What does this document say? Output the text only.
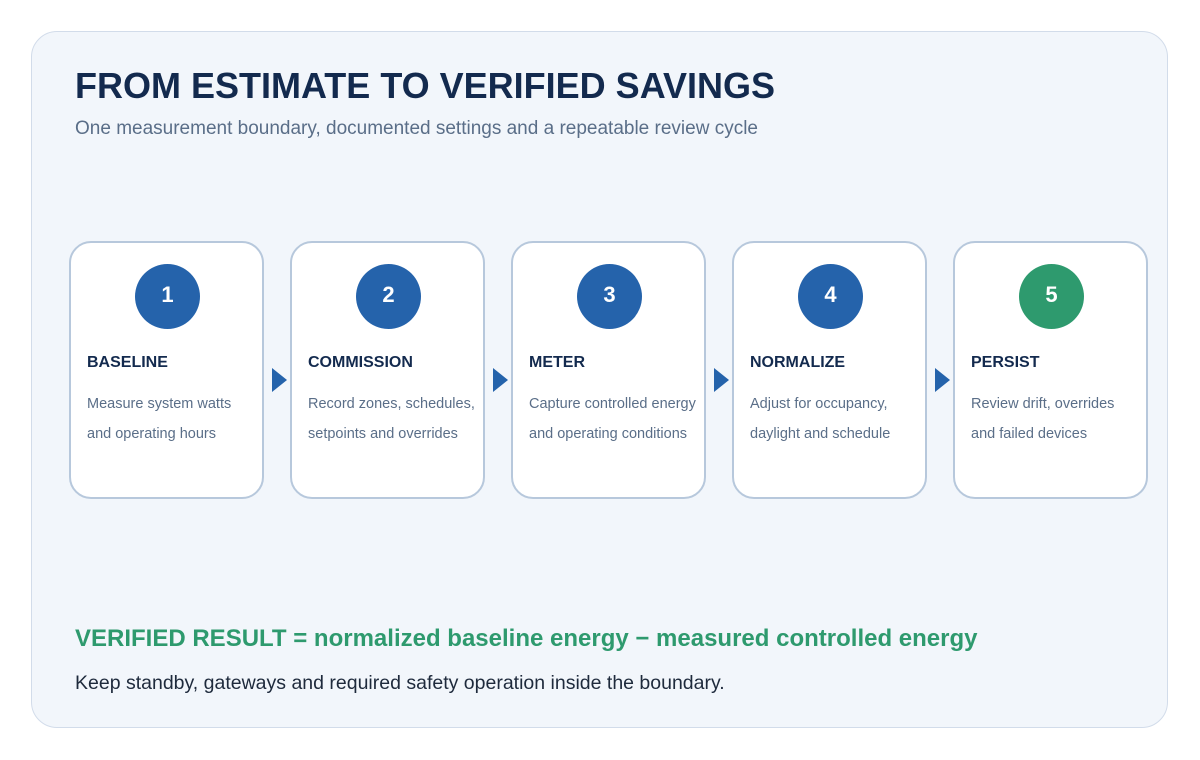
FROM ESTIMATE TO VERIFIED SAVINGS
One measurement boundary, documented settings and a repeatable review cycle
1
BASELINE
Measure system watts
and operating hours
2
COMMISSION
Record zones, schedules,
setpoints and overrides
3
METER
Capture controlled energy
and operating conditions
4
NORMALIZE
Adjust for occupancy,
daylight and schedule
5
PERSIST
Review drift, overrides
and failed devices
VERIFIED RESULT = normalized baseline energy − measured controlled energy
Keep standby, gateways and required safety operation inside the boundary.
